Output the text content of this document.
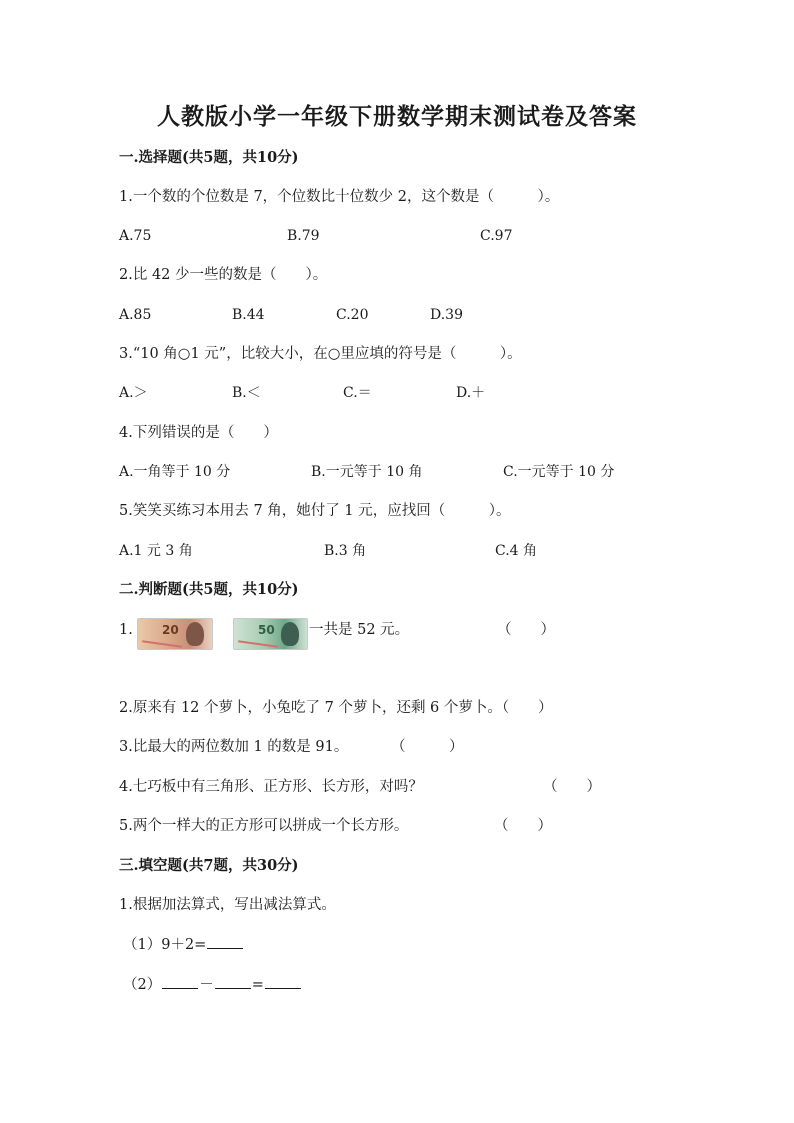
人教版小学一年级下册数学期末测试卷及答案
一.选择题(共5题，共10分)
1.一个数的个位数是 7，个位数比十位数少 2，这个数是（　　　）。
A.75	B.79	C.97
2.比 42 少一些的数是（　　）。
A.85	B.44	C.20	D.39
3.“10 角○1 元”，比较大小，在○里应填的符号是（　　　）。
A.＞	B.＜	C.＝	D.＋
4.下列错误的是（　　）
A.一角等于 10 分	B.一元等于 10 角	C.一元等于 10 分
5.笑笑买练习本用去 7 角，她付了 1 元，应找回（　　　）。
A.1 元 3 角	B.3 角	C.4 角
二.判断题(共5题，共10分)
1. 20	50 一共是 52 元。	（　　）
2.原来有 12 个萝卜，小兔吃了 7 个萝卜，还剩 6 个萝卜。（　　）
3.比最大的两位数加 1 的数是 91。	（　　　）
4.七巧板中有三角形、正方形、长方形，对吗？	（　　）
5.两个一样大的正方形可以拼成一个长方形。	（　　）
三.填空题(共7题，共30分)
1.根据加法算式，写出减法算式。
（1）9＋2=
（2）	－	=
